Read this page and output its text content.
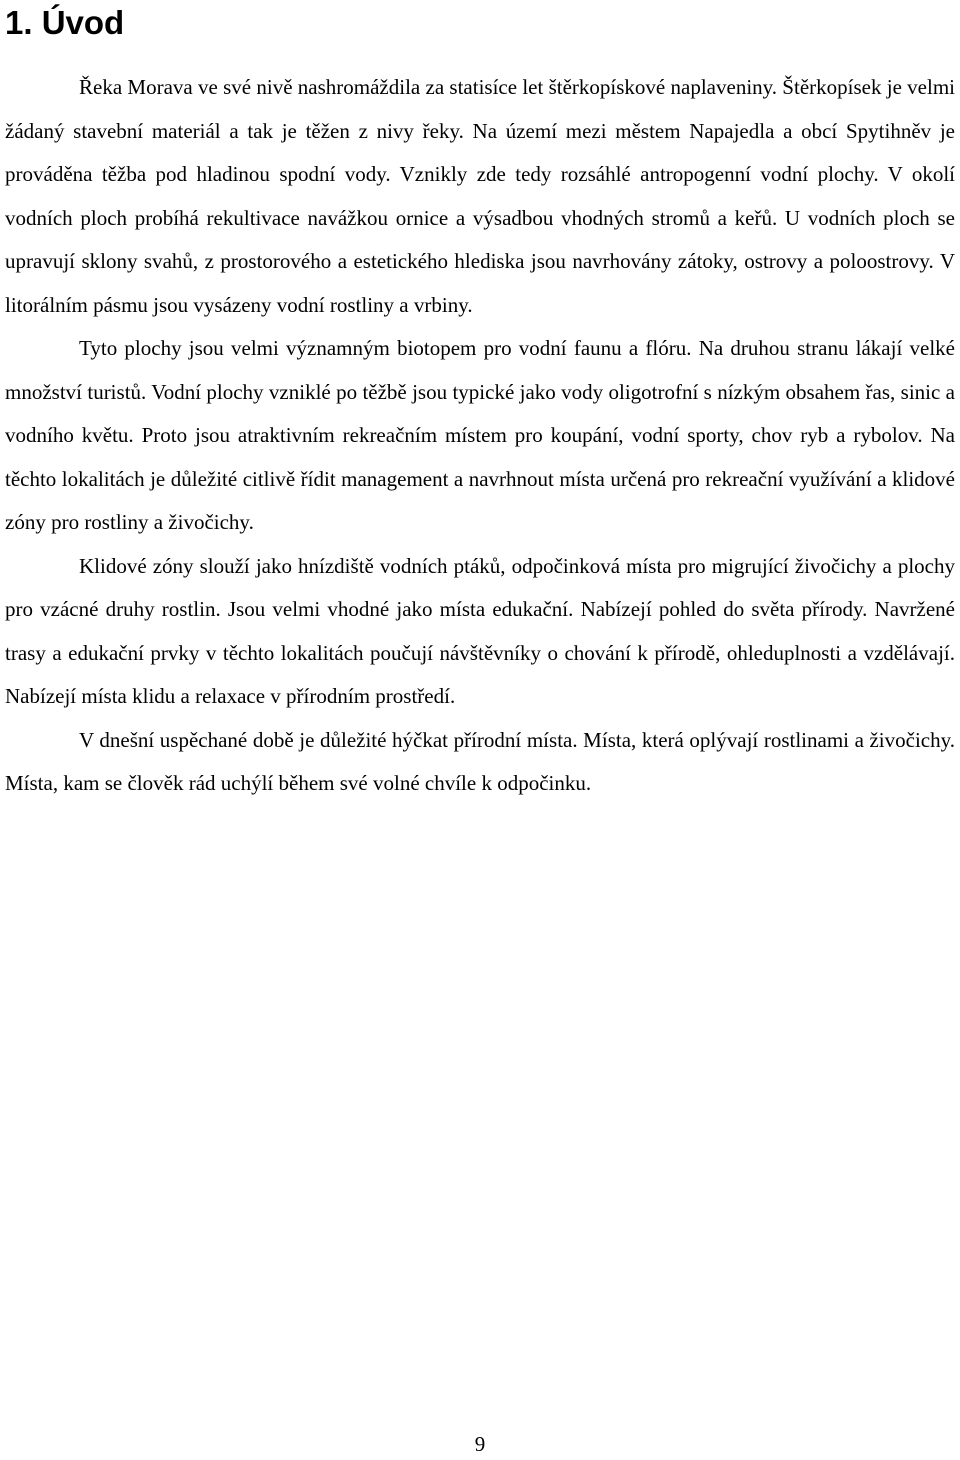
1. Úvod

Řeka Morava ve své nivě nashromáždila za statisíce let štěrkopískové naplaveniny. Štěrkopísek je velmi žádaný stavební materiál a tak je těžen z nivy řeky. Na území mezi městem Napajedla a obcí Spytihněv je prováděna těžba pod hladinou spodní vody. Vznikly zde tedy rozsáhlé antropogenní vodní plochy. V okolí vodních ploch probíhá rekultivace navážkou ornice a výsadbou vhodných stromů a keřů. U vodních ploch se upravují sklony svahů, z prostorového a estetického hlediska jsou navrhovány zátoky, ostrovy a poloostrovy. V litorálním pásmu jsou vysázeny vodní rostliny a vrbiny.

Tyto plochy jsou velmi významným biotopem pro vodní faunu a flóru. Na druhou stranu lákají velké množství turistů. Vodní plochy vzniklé po těžbě jsou typické jako vody oligotrofní s nízkým obsahem řas, sinic a vodního květu. Proto jsou atraktivním rekreačním místem pro koupání, vodní sporty, chov ryb a rybolov. Na těchto lokalitách je důležité citlivě řídit management a navrhnout místa určená pro rekreační využívání a klidové zóny pro rostliny a živočichy.

Klidové zóny slouží jako hnízdiště vodních ptáků, odpočinková místa pro migrující živočichy a plochy pro vzácné druhy rostlin. Jsou velmi vhodné jako místa edukační. Nabízejí pohled do světa přírody. Navržené trasy a edukační prvky v těchto lokalitách poučují návštěvníky o chování k přírodě, ohleduplnosti a vzdělávají. Nabízejí místa klidu a relaxace v přírodním prostředí.

V dnešní uspěchané době je důležité hýčkat přírodní místa. Místa, která oplývají rostlinami a živočichy. Místa, kam se člověk rád uchýlí během své volné chvíle k odpočinku.

9
